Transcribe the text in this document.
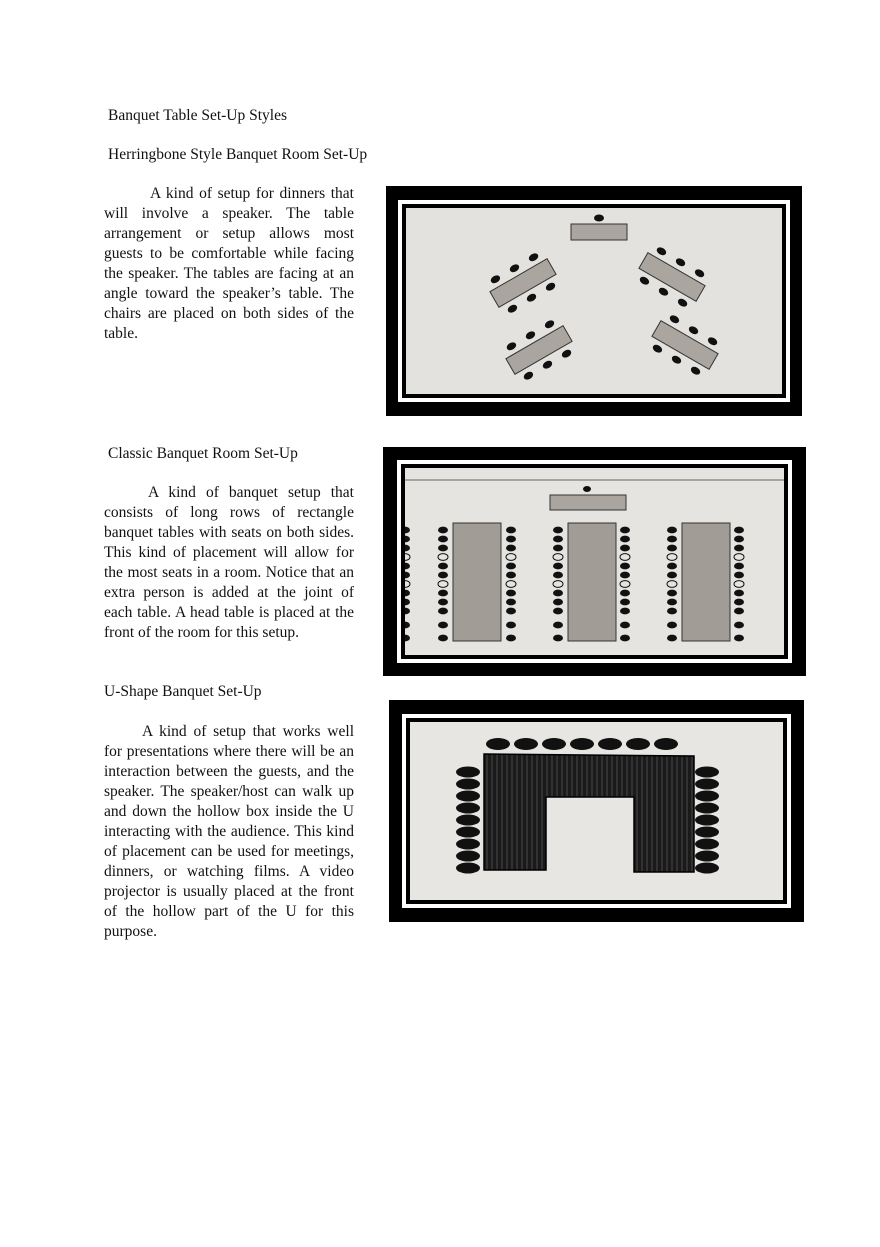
Banquet Table Set-Up Styles

Herringbone Style Banquet Room Set-Up

A kind of setup for dinners that will involve a speaker. The table arrangement or setup allows most guests to be comfortable while facing the speaker. The tables are facing at an angle toward the speaker’s table. The chairs are placed on both sides of the table.

Classic Banquet Room Set-Up

A kind of banquet setup that consists of long rows of rectangle banquet tables with seats on both sides. This kind of placement will allow for the most seats in a room. Notice that an extra person is added at the joint of each table. A head table is placed at the front of the room for this setup.

U-Shape Banquet Set-Up

A kind of setup that works well for presentations where there will be an interaction between the guests, and the speaker. The speaker/host can walk up and down the hollow box inside the U interacting with the audience. This kind of placement can be used for meetings, dinners, or watching films. A video projector is usually placed at the front of the hollow part of the U for this purpose.
